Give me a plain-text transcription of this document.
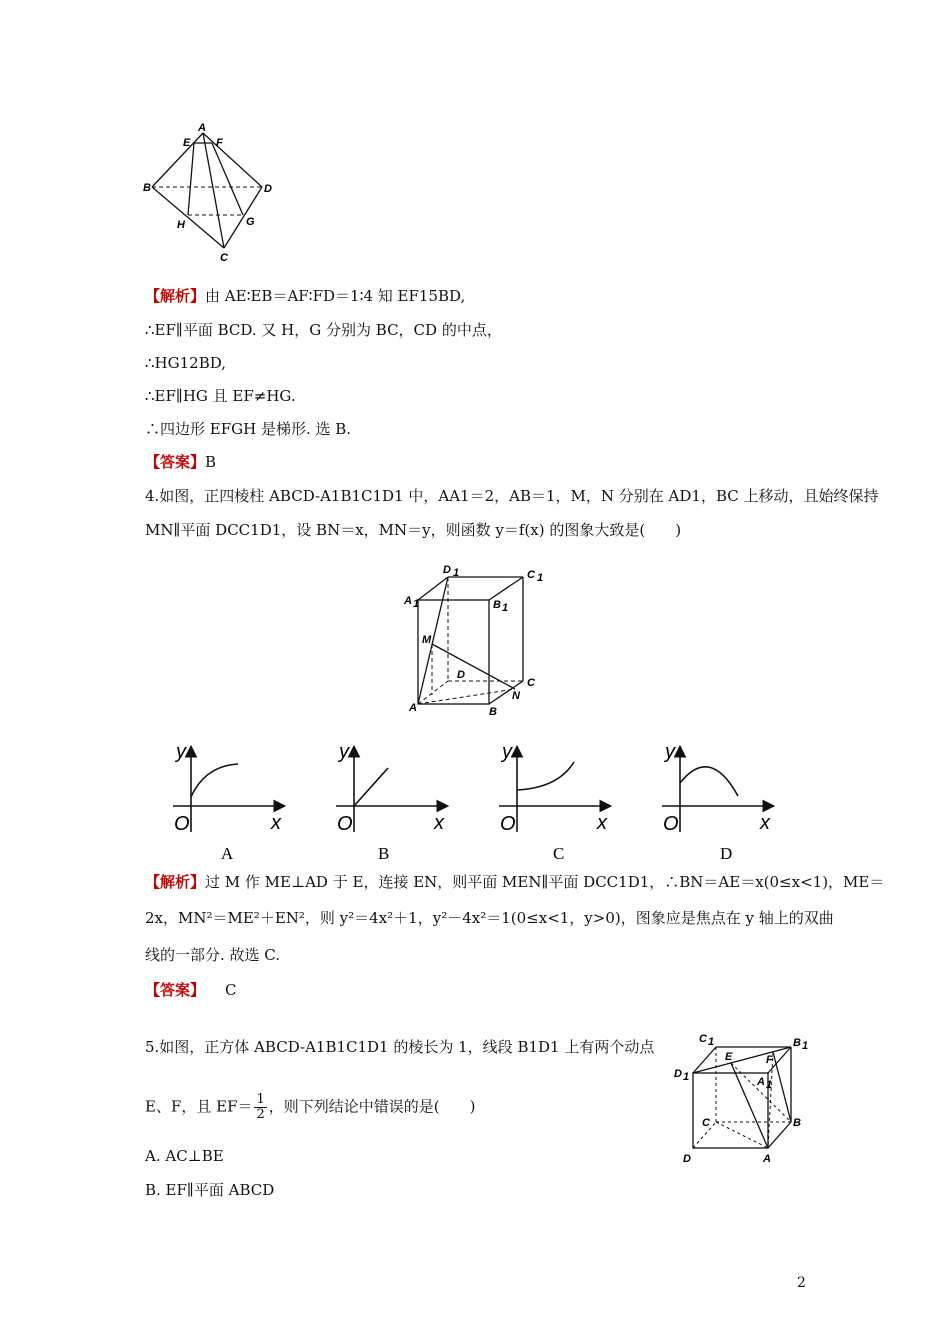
A
E F
B	D
H	G
C
【解析】由 AE∶EB＝AF∶FD＝1∶4 知 EF15BD,
∴EF∥平面 BCD. 又 H，G 分别为 BC，CD 的中点，
∴HG12BD,
∴EF∥HG 且 EF≠HG.
∴四边形 EFGH 是梯形. 选 B.
【答案】B
4.如图，正四棱柱 ABCD-A1B1C1D1 中，AA1＝2，AB＝1，M，N 分别在 AD1，BC 上移动，且始终保持
MN∥平面 DCC1D1，设 BN＝x，MN＝y，则函数 y＝f(x) 的图象大致是(　　)
D 1	C 1
A 1	B 1
M
D
C
N
A	B
y
x
O
A
y
x
O
B
y
x
O
C
y
x
O
D
【解析】过 M 作 ME⊥AD 于 E，连接 EN，则平面 MEN∥平面 DCC1D1，∴BN＝AE＝x(0≤x<1)，ME＝
2x，MN²＝ME²＋EN²，则 y²＝4x²＋1，y²－4x²＝1(0≤x<1，y>0)，图象应是焦点在 y 轴上的双曲
线的一部分. 故选 C.
【答案】 C
5.如图，正方体 ABCD-A1B1C1D1 的棱长为 1，线段 B1D1 上有两个动点
E、F，且 $EF= \frac{1}{2}$ ，则下列结论中错误的是(　　)
A. AC⊥BE
B. EF∥平面 ABCD
C 1	B 1
D 1	A 1
E	F
C	B
D	A
2
